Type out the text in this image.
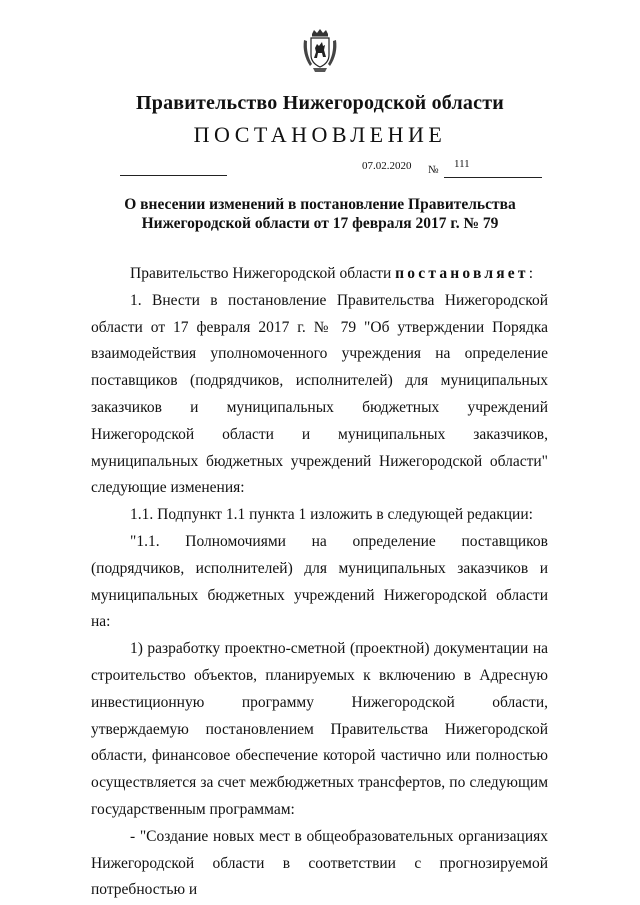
Правительство Нижегородской области
ПОСТАНОВЛЕНИЕ
07.02.2020 № 111
О внесении изменений в постановление Правительства
Нижегородской области от 17 февраля 2017 г. № 79

Правительство Нижегородской области постановляет:

1. Внести в постановление Правительства Нижегородской области от 17 февраля 2017 г. № 79 "Об утверждении Порядка взаимодействия уполномоченного учреждения на определение поставщиков (подрядчиков, исполнителей) для муниципальных заказчиков и муниципальных бюджетных учреждений Нижегородской области и муниципальных заказчиков, муниципальных бюджетных учреждений Нижегородской области" следующие изменения:

1.1. Подпункт 1.1 пункта 1 изложить в следующей редакции:

"1.1. Полномочиями на определение поставщиков (подрядчиков, исполнителей) для муниципальных заказчиков и муниципальных бюджетных учреждений Нижегородской области на:

1) разработку проектно-сметной (проектной) документации на строительство объектов, планируемых к включению в Адресную инвестиционную программу Нижегородской области, утверждаемую постановлением Правительства Нижегородской области, финансовое обеспечение которой частично или полностью осуществляется за счет межбюджетных трансфертов, по следующим государственным программам:

- "Создание новых мест в общеобразовательных организациях Нижегородской области в соответствии с прогнозируемой потребностью и
